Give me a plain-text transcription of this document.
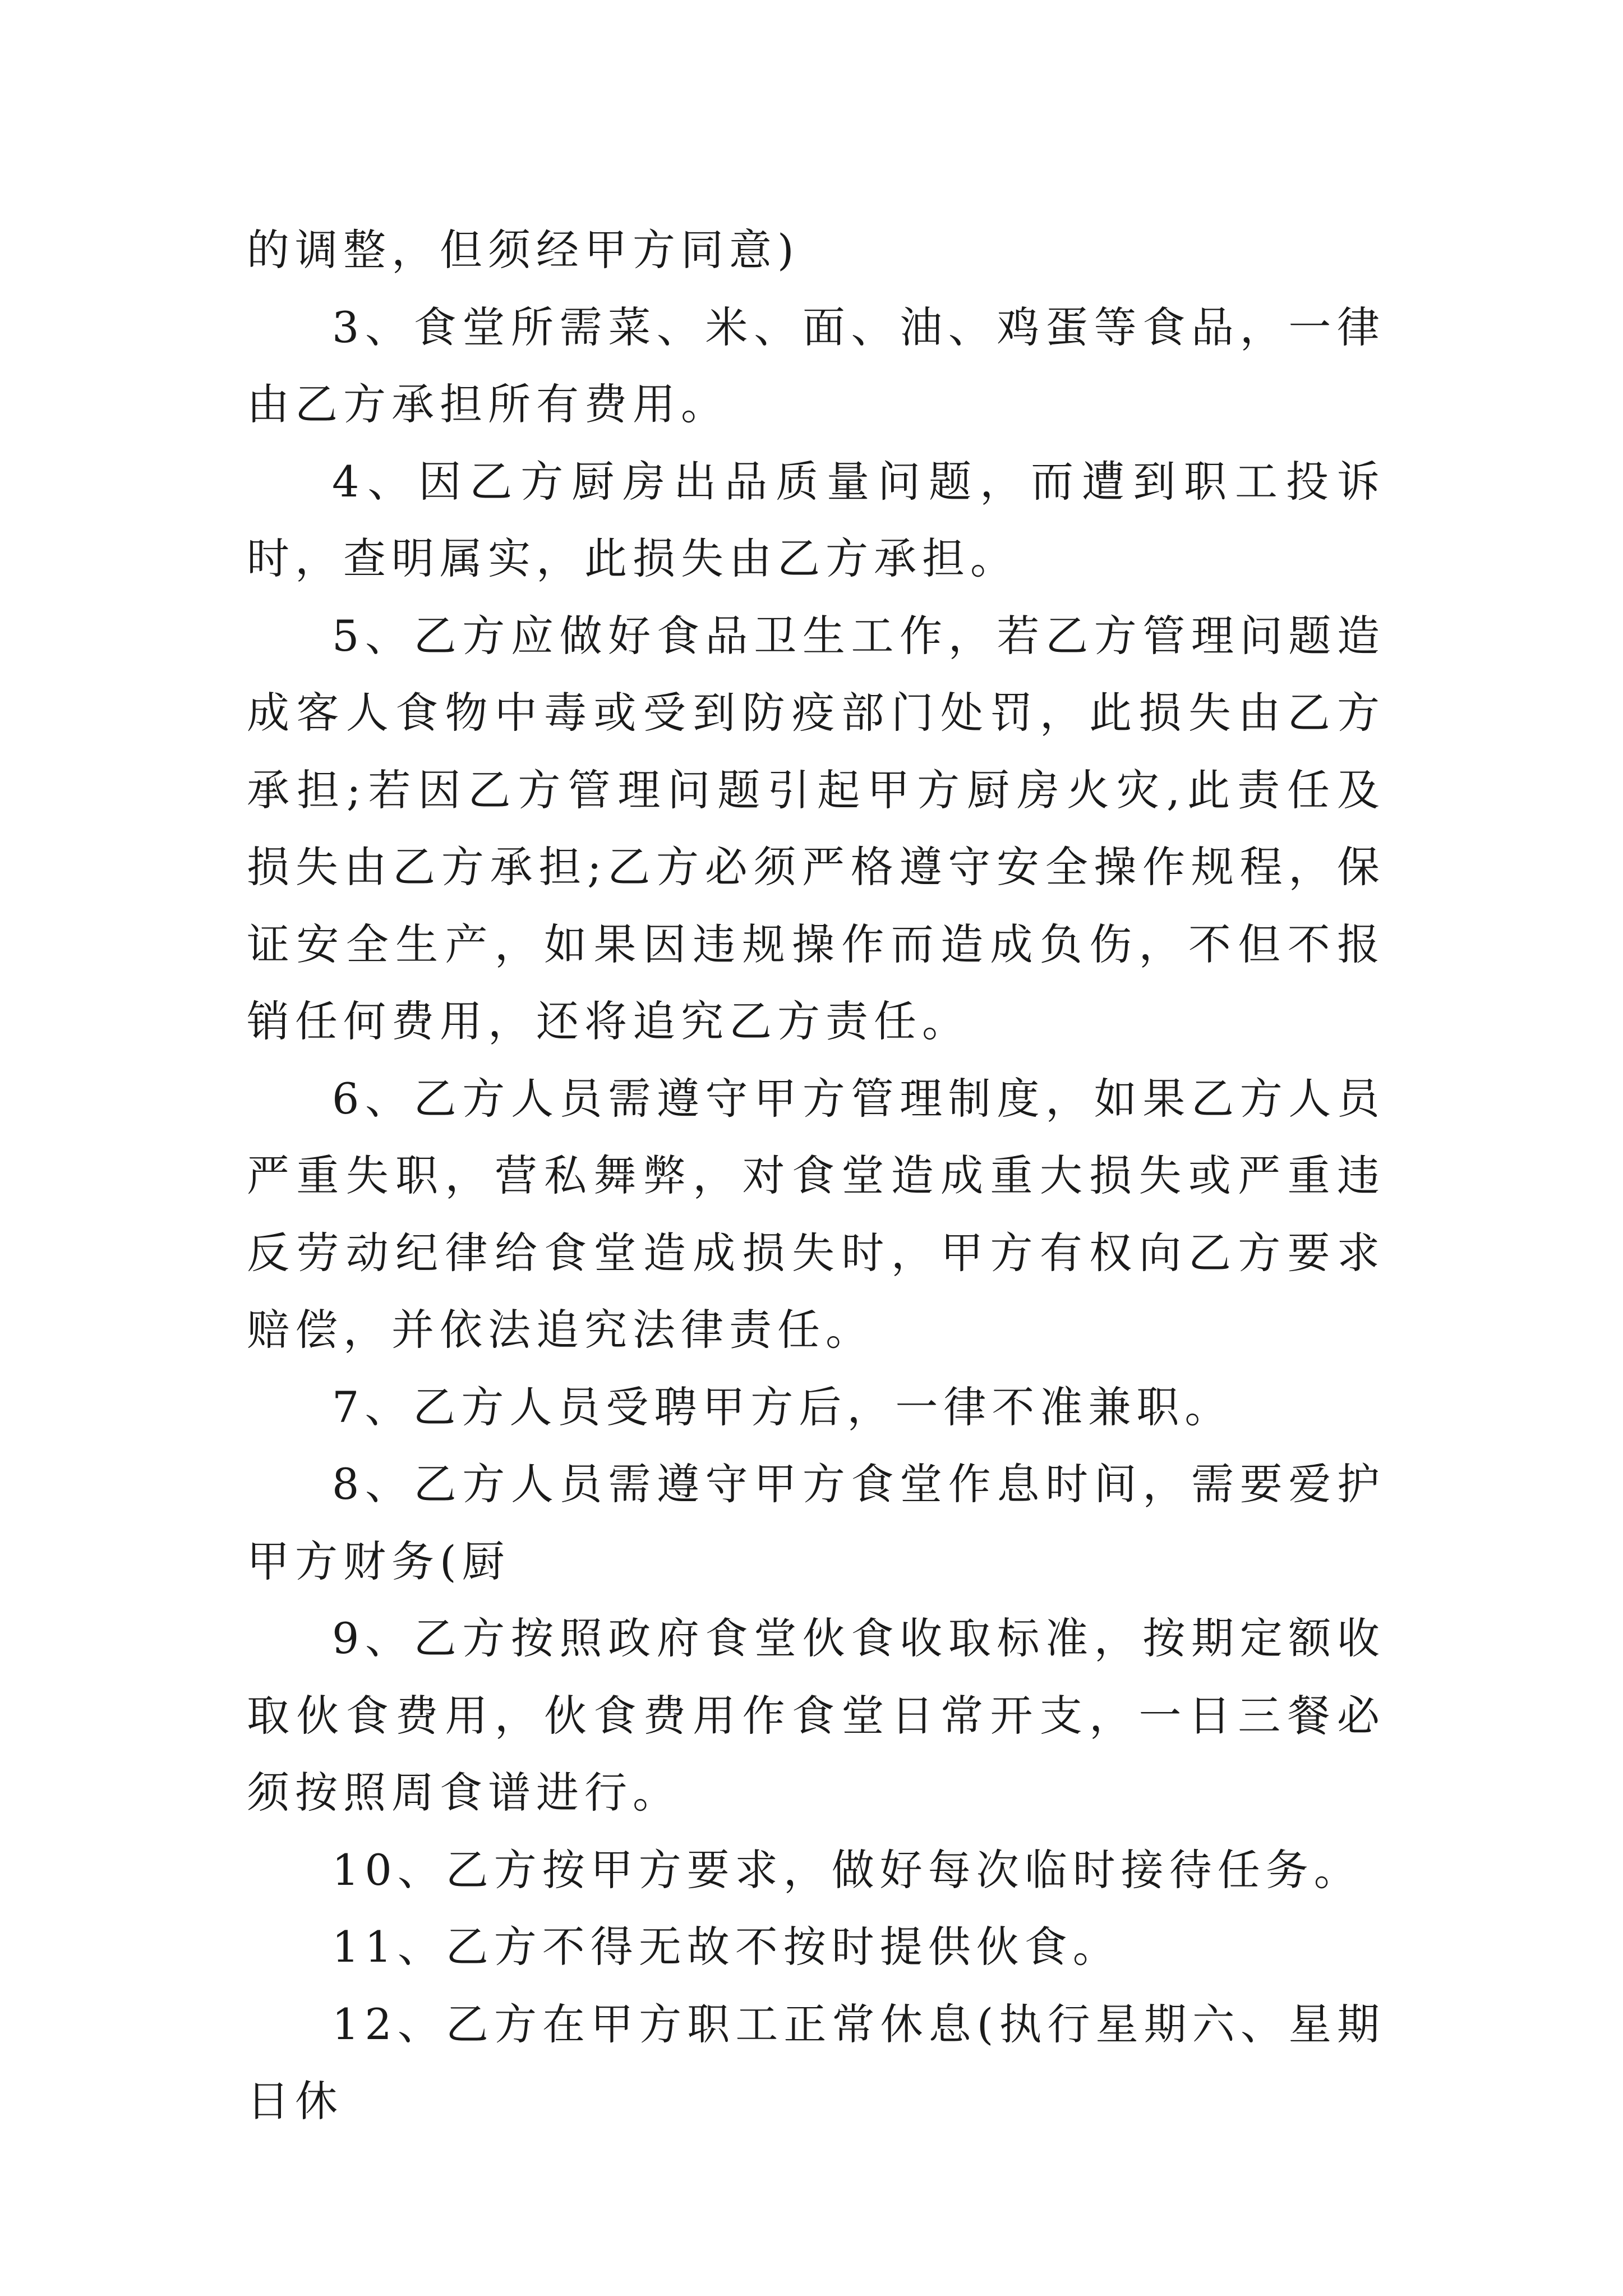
的调整，但须经甲方同意)

3、食堂所需菜、米、面、油、鸡蛋等食品，一律由乙方承担所有费用。

4、因乙方厨房出品质量问题，而遭到职工投诉时，查明属实，此损失由乙方承担。

5、乙方应做好食品卫生工作，若乙方管理问题造成客人食物中毒或受到防疫部门处罚，此损失由乙方承担;若因乙方管理问题引起甲方厨房火灾,此责任及损失由乙方承担;乙方必须严格遵守安全操作规程，保证安全生产，如果因违规操作而造成负伤，不但不报销任何费用，还将追究乙方责任。

6、乙方人员需遵守甲方管理制度，如果乙方人员严重失职，营私舞弊，对食堂造成重大损失或严重违反劳动纪律给食堂造成损失时，甲方有权向乙方要求赔偿，并依法追究法律责任。

7、乙方人员受聘甲方后，一律不准兼职。

8、乙方人员需遵守甲方食堂作息时间，需要爱护甲方财务(厨

9、乙方按照政府食堂伙食收取标准，按期定额收取伙食费用，伙食费用作食堂日常开支，一日三餐必须按照周食谱进行。

10、乙方按甲方要求，做好每次临时接待任务。

11、乙方不得无故不按时提供伙食。

12、乙方在甲方职工正常休息(执行星期六、星期日休
